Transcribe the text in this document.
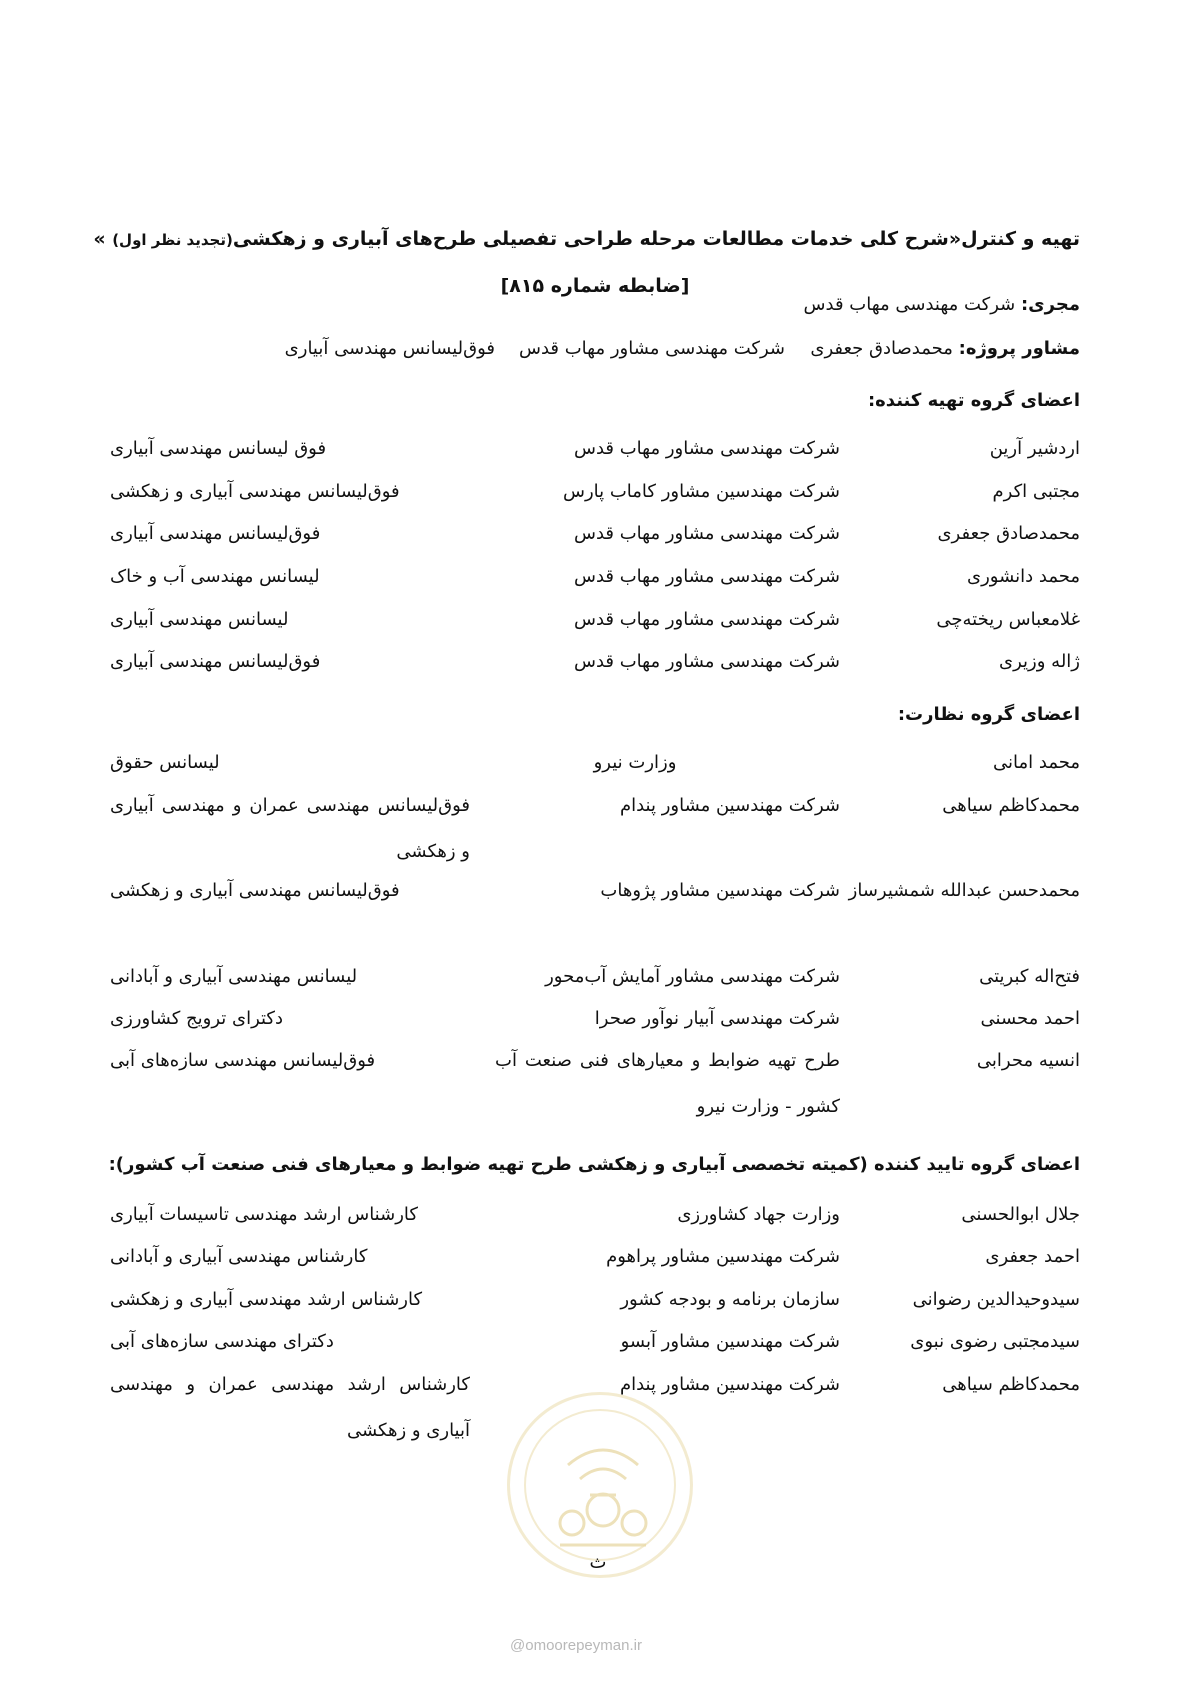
تهیه و کنترل«شرح کلی خدمات مطالعات مرحله طراحی تفصیلی طرح‌های آبیاری و زهکشی(تجدید نظر اول) »
[ضابطه شماره ۸۱۵]
مجری: شرکت مهندسی مهاب قدس
مشاور پروژه: محمدصادق جعفری
شرکت مهندسی مشاور مهاب قدس
فوق‌لیسانس مهندسی آبیاری
اعضای گروه تهیه کننده:
اردشیر آرین
شرکت مهندسی مشاور مهاب قدس
فوق لیسانس مهندسی آبیاری
مجتبی اکرم
شرکت مهندسین مشاور کاماب پارس
فوق‌لیسانس مهندسی آبیاری و زهکشی
محمدصادق جعفری
شرکت مهندسی مشاور مهاب قدس
فوق‌لیسانس مهندسی آبیاری
محمد دانشوری
شرکت مهندسی مشاور مهاب قدس
لیسانس مهندسی آب و خاک
غلامعباس ریخته‌چی
شرکت مهندسی مشاور مهاب قدس
لیسانس مهندسی آبیاری
ژاله وزیری
شرکت مهندسی مشاور مهاب قدس
فوق‌لیسانس مهندسی آبیاری
اعضای گروه نظارت:
محمد امانی
وزارت نیرو
لیسانس حقوق
محمدکاظم سیاهی
شرکت مهندسین مشاور پندام
فوق‌لیسانس مهندسی عمران و مهندسی آبیاری و زهکشی
محمدحسن عبدالله شمشیرساز
شرکت مهندسین مشاور پژوهاب
فوق‌لیسانس مهندسی آبیاری و زهکشی
فتح‌اله کبریتی
شرکت مهندسی مشاور آمایش آب‌محور
لیسانس مهندسی آبیاری و آبادانی
احمد محسنی
شرکت مهندسی آبیار نوآور صحرا
دکترای ترویج کشاورزی
انسیه محرابی
طرح تهیه ضوابط و معیارهای فنی صنعت آب کشور - وزارت نیرو
فوق‌لیسانس مهندسی سازه‌های آبی
اعضای گروه تایید کننده (کمیته تخصصی آبیاری و زهکشی طرح تهیه ضوابط و معیارهای فنی صنعت آب کشور):
جلال ابوالحسنی
وزارت جهاد کشاورزی
کارشناس ارشد مهندسی تاسیسات آبیاری
احمد جعفری
شرکت مهندسین مشاور پراهوم
کارشناس مهندسی آبیاری و آبادانی
سیدوحیدالدین رضوانی
سازمان برنامه و بودجه کشور
کارشناس ارشد مهندسی آبیاری و زهکشی
سیدمجتبی رضوی نبوی
شرکت مهندسین مشاور آبسو
دکترای مهندسی سازه‌های آبی
محمدکاظم سیاهی
شرکت مهندسین مشاور پندام
کارشناس ارشد مهندسی عمران و مهندسی آبیاری و زهکشی
ث
@omoorepeyman.ir
